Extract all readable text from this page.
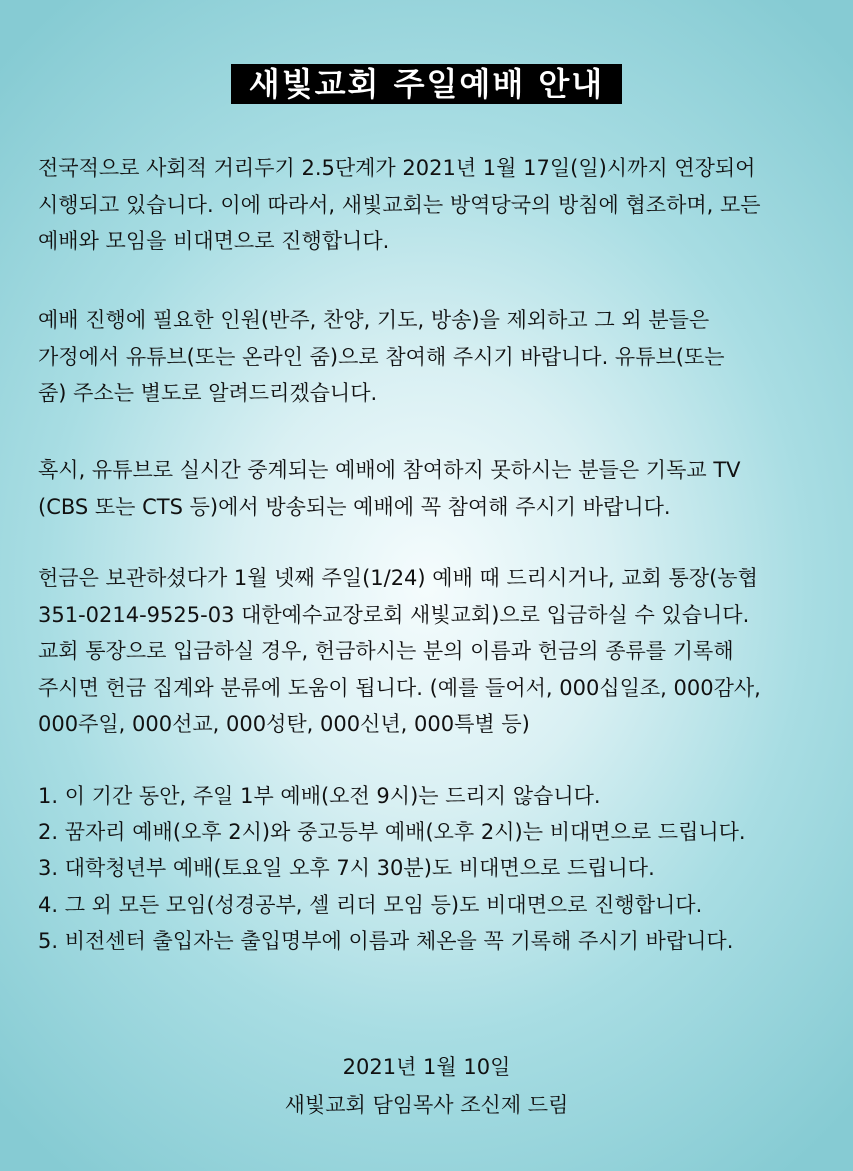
새빛교회 주일예배 안내
전국적으로 사회적 거리두기 2.5단계가 2021년 1월 17일(일)시까지 연장되어
시행되고 있습니다. 이에 따라서, 새빛교회는 방역당국의 방침에 협조하며, 모든
예배와 모임을 비대면으로 진행합니다.
예배 진행에 필요한 인원(반주, 찬양, 기도, 방송)을 제외하고 그 외 분들은
가정에서 유튜브(또는 온라인 줌)으로 참여해 주시기 바랍니다. 유튜브(또는
줌) 주소는 별도로 알려드리겠습니다.
혹시, 유튜브로 실시간 중계되는 예배에 참여하지 못하시는 분들은 기독교 TV
(CBS 또는 CTS 등)에서 방송되는 예배에 꼭 참여해 주시기 바랍니다.
헌금은 보관하셨다가 1월 넷째 주일(1/24) 예배 때 드리시거나, 교회 통장(농협
351-0214-9525-03 대한예수교장로회 새빛교회)으로 입금하실 수 있습니다.
교회 통장으로 입금하실 경우, 헌금하시는 분의 이름과 헌금의 종류를 기록해
주시면 헌금 집계와 분류에 도움이 됩니다. (예를 들어서, 000십일조, 000감사,
000주일, 000선교, 000성탄, 000신년, 000특별 등)
1. 이 기간 동안, 주일 1부 예배(오전 9시)는 드리지 않습니다.
2. 꿈자리 예배(오후 2시)와 중고등부 예배(오후 2시)는 비대면으로 드립니다.
3. 대학청년부 예배(토요일 오후 7시 30분)도 비대면으로 드립니다.
4. 그 외 모든 모임(성경공부, 셀 리더 모임 등)도 비대면으로 진행합니다.
5. 비전센터 출입자는 출입명부에 이름과 체온을 꼭 기록해 주시기 바랍니다.
2021년 1월 10일
새빛교회 담임목사 조신제 드림
